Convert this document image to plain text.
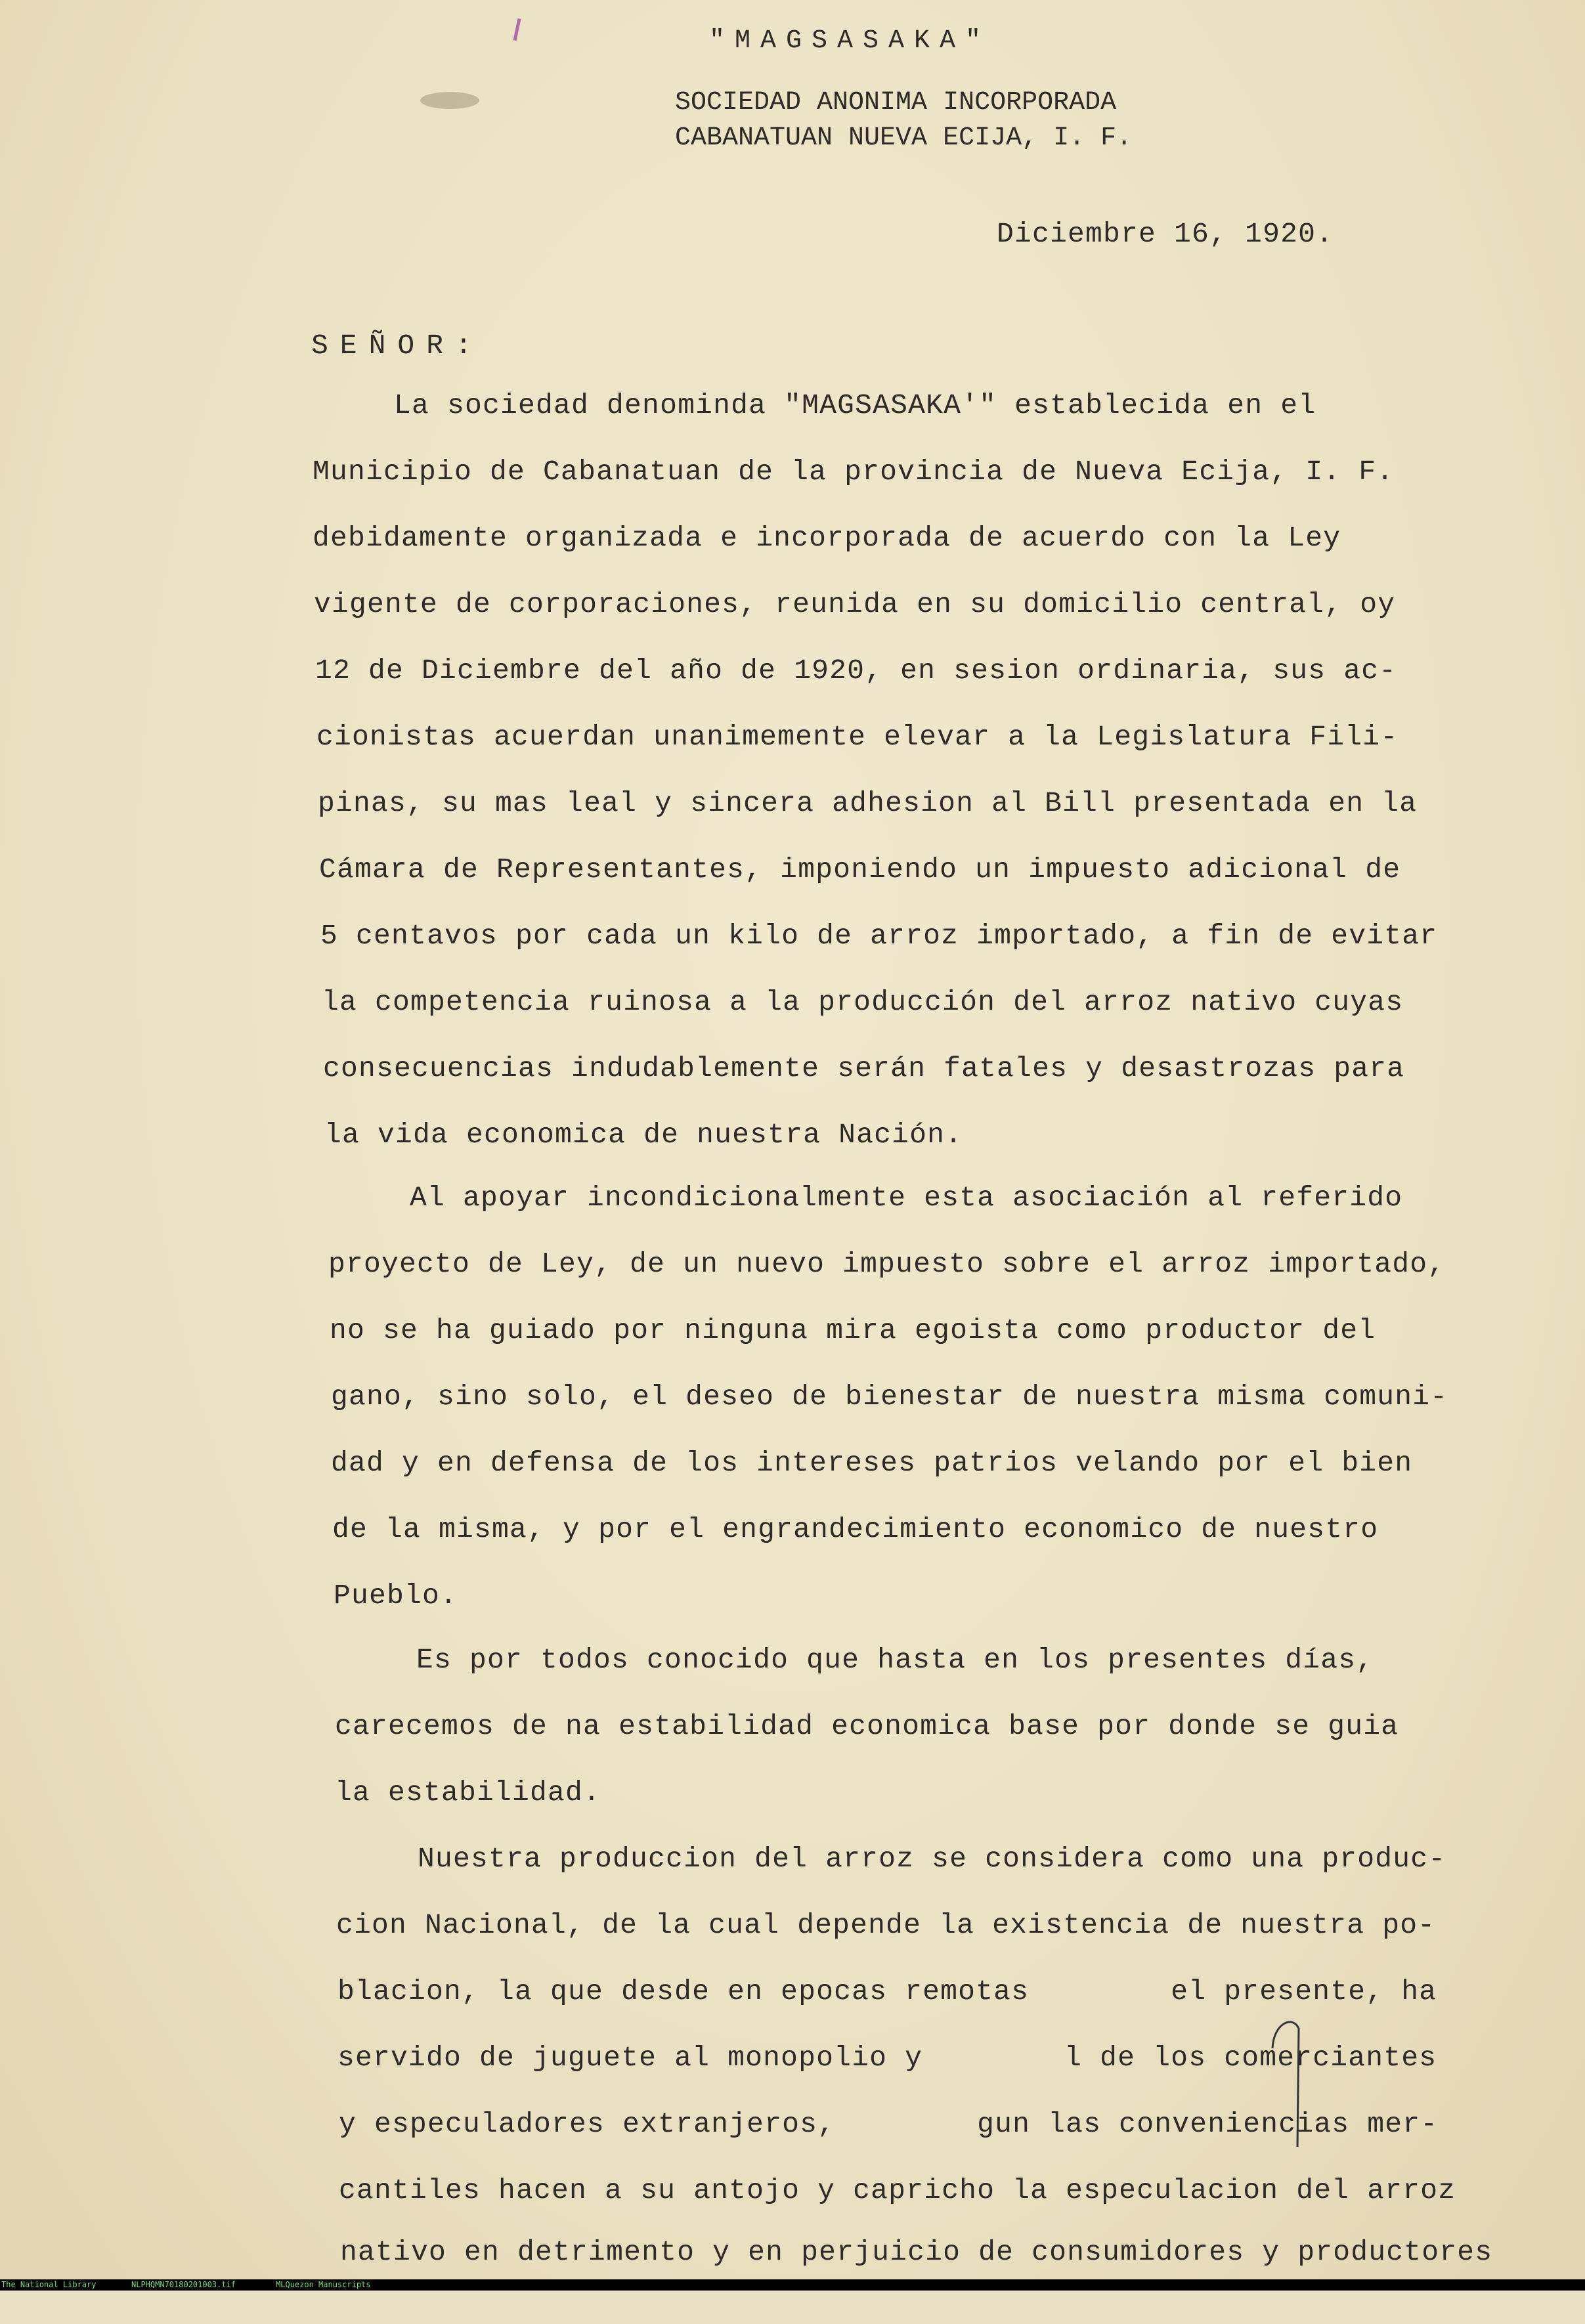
"MAGSASAKA"
SOCIEDAD ANONIMA INCORPORADA
CABANATUAN NUEVA ECIJA, I. F.
Diciembre 16, 1920.
SEÑOR:
La sociedad denominda "MAGSASAKA'" establecida en el
Municipio de Cabanatuan de la provincia de Nueva Ecija, I. F.
debidamente organizada e incorporada de acuerdo con la Ley
vigente de corporaciones, reunida en su domicilio central, oy
12 de Diciembre del año de 1920, en sesion ordinaria, sus ac-
cionistas acuerdan unanimemente elevar a la Legislatura Fili-
pinas, su mas leal y sincera adhesion al Bill presentada en la
Cámara de Representantes, imponiendo un impuesto adicional de
5 centavos por cada un kilo de arroz importado, a fin de evitar
la competencia ruinosa a la producción del arroz nativo cuyas
consecuencias indudablemente serán fatales y desastrozas para
la vida economica de nuestra Nación.
Al apoyar incondicionalmente esta asociación al referido
proyecto de Ley, de un nuevo impuesto sobre el arroz importado,
no se ha guiado por ninguna mira egoista como productor del
gano, sino solo, el deseo de bienestar de nuestra misma comuni-
dad y en defensa de los intereses patrios velando por el bien
de la misma, y por el engrandecimiento economico de nuestro
Pueblo.
Es por todos conocido que hasta en los presentes días,
carecemos de na estabilidad economica base por donde se guia
la estabilidad.
Nuestra produccion del arroz se considera como una produc-
cion Nacional, de la cual depende la existencia de nuestra po-
blacion, la que desde en epocas remotas        el presente, ha
servido de juguete al monopolio y        l de los comerciantes
y especuladores extranjeros,        gun las conveniencias mer-
cantiles hacen a su antojo y capricho la especulacion del arroz
nativo en detrimento y en perjuicio de consumidores y productores

The National Library

	NLPHQMN70180201003.tif

	MLQuezon Manuscripts
